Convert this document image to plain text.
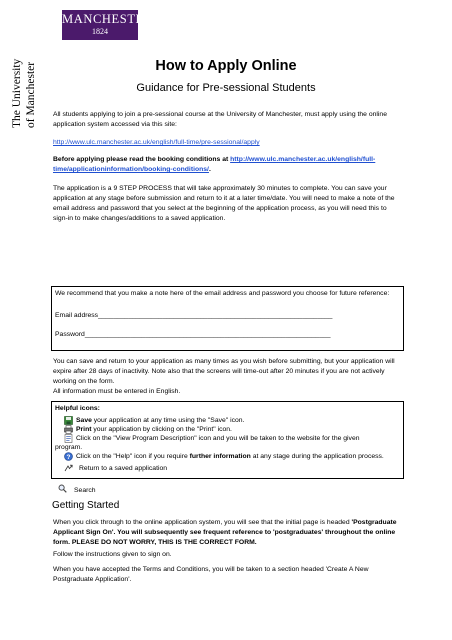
MANCHESTER
1824
The University of Manchester	How to Apply Online
Guidance for Pre-sessional Students

All students applying to join a pre-sessional course at the University of Manchester, must apply using the online application system accessed via this site:

http://www.ulc.manchester.ac.uk/english/full-time/pre-sessional/apply

Before applying please read the booking conditions at http://www.ulc.manchester.ac.uk/english/full-time/applicationinformation/booking-conditions/.

The application is a 9 STEP PROCESS that will take approximately 30 minutes to complete. You can save your application at any stage before submission and return to it at a later time/date. You will need to make a note of the email address and password that you select at the beginning of the application process, as you will need this to sign-in to make changes/additions to a saved application.

We recommend that you make a note here of the email address and password you choose for future reference:
Email address______________________________________________________________
Password_________________________________________________________________

You can save and return to your application as many times as you wish before submitting, but your application will expire after 28 days of inactivity. Note also that the screens will time-out after 20 minutes if you are not actively working on the form.

All information must be entered in English.

Helpful icons:
Save your application at any time using the "Save" icon.
Print your application by clicking on the "Print" icon.
Click on the "View Program Description" icon and you will be taken to the website for the given
program.
? Click on the "Help" icon if you require further information at any stage during the application process.
Return to a saved application
Search
Getting Started

When you click through to the online application system, you will see that the initial page is headed 'Postgraduate Applicant Sign On'. You will subsequently see frequent reference to 'postgraduates' throughout the online form. PLEASE DO NOT WORRY, THIS IS THE CORRECT FORM.

Follow the instructions given to sign on.

When you have accepted the Terms and Conditions, you will be taken to a section headed 'Create A New Postgraduate Application'.
